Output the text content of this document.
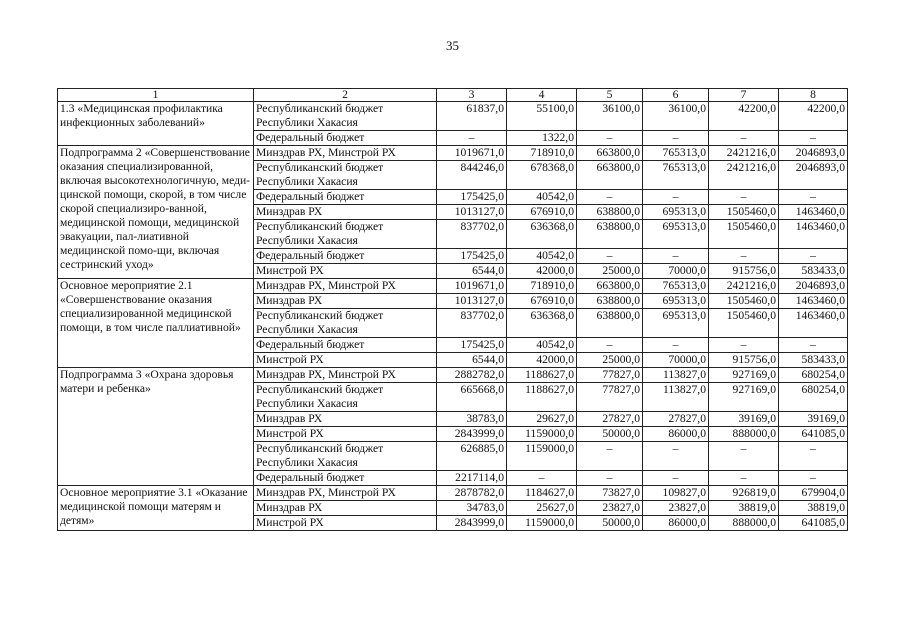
35
1	2	3	4	5	6	7	8
1.3 «Медицинская профилактика инфекционных заболеваний»	Республиканский бюджет Республики Хакасия	61837,0	55100,0	36100,0	36100,0	42200,0	42200,0
	Федеральный бюджет	–	1322,0	–	–	–	–
Подпрограмма 2 «Совершенствование оказания специализированной, включая высокотехнологичную, меди-цинской помощи, скорой, в том числе скорой специализиро-ванной, медицинской помощи, медицинской эвакуации, пал-лиативной медицинской помо-щи, включая сестринский уход»	Минздрав РХ, Минстрой РХ	1019671,0	718910,0	663800,0	765313,0	2421216,0	2046893,0
	Республиканский бюджет Республики Хакасия	844246,0	678368,0	663800,0	765313,0	2421216,0	2046893,0
	Федеральный бюджет	175425,0	40542,0	–	–	–	–
	Минздрав РХ	1013127,0	676910,0	638800,0	695313,0	1505460,0	1463460,0
	Республиканский бюджет Республики Хакасия	837702,0	636368,0	638800,0	695313,0	1505460,0	1463460,0
	Федеральный бюджет	175425,0	40542,0	–	–	–	–
	Минстрой РХ	6544,0	42000,0	25000,0	70000,0	915756,0	583433,0
Основное мероприятие 2.1 «Совершенствование оказания специализированной медицинской помощи, в том числе паллиативной»	Минздрав РХ, Минстрой РХ	1019671,0	718910,0	663800,0	765313,0	2421216,0	2046893,0
	Минздрав РХ	1013127,0	676910,0	638800,0	695313,0	1505460,0	1463460,0
	Республиканский бюджет Республики Хакасия	837702,0	636368,0	638800,0	695313,0	1505460,0	1463460,0
	Федеральный бюджет	175425,0	40542,0	–	–	–	–
	Минстрой РХ	6544,0	42000,0	25000,0	70000,0	915756,0	583433,0
Подпрограмма 3 «Охрана здоровья матери и ребенка»	Минздрав РХ, Минстрой РХ	2882782,0	1188627,0	77827,0	113827,0	927169,0	680254,0
	Республиканский бюджет Республики Хакасия	665668,0	1188627,0	77827,0	113827,0	927169,0	680254,0
	Минздрав РХ	38783,0	29627,0	27827,0	27827,0	39169,0	39169,0
	Минстрой РХ	2843999,0	1159000,0	50000,0	86000,0	888000,0	641085,0
	Республиканский бюджет Республики Хакасия	626885,0	1159000,0	–	–	–	–
	Федеральный бюджет	2217114,0	–	–	–	–	–
Основное мероприятие 3.1 «Оказание медицинской помощи матерям и детям»	Минздрав РХ, Минстрой РХ	2878782,0	1184627,0	73827,0	109827,0	926819,0	679904,0
	Минздрав РХ	34783,0	25627,0	23827,0	23827,0	38819,0	38819,0
	Минстрой РХ	2843999,0	1159000,0	50000,0	86000,0	888000,0	641085,0
